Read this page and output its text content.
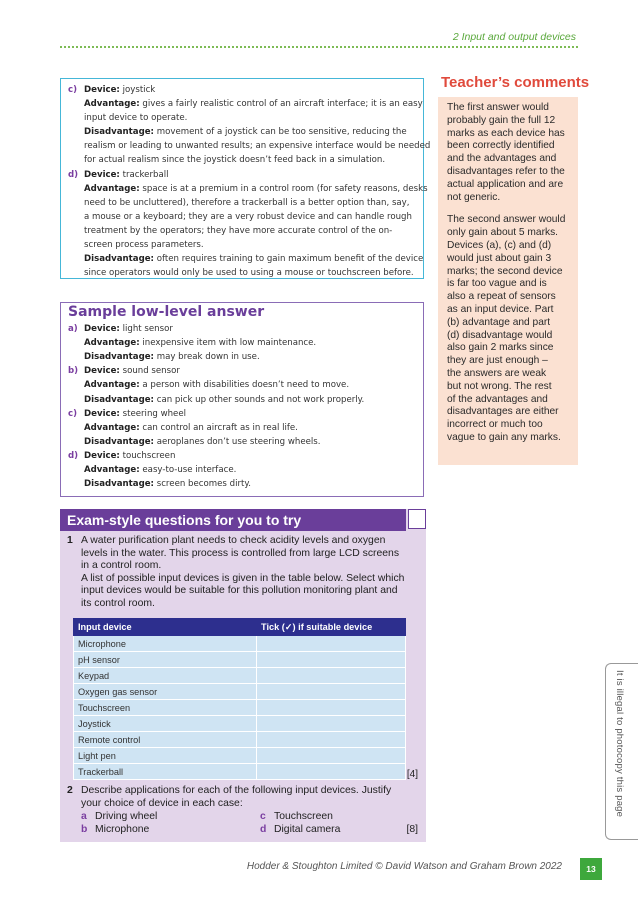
2 Input and output devices
c) Device: joystick
Advantage: gives a fairly realistic control of an aircraft interface; it is an easy
input device to operate.
Disadvantage: movement of a joystick can be too sensitive, reducing the
realism or leading to unwanted results; an expensive interface would be needed
for actual realism since the joystick doesn’t feed back in a simulation.
d) Device: trackerball
Advantage: space is at a premium in a control room (for safety reasons, desks
need to be uncluttered), therefore a trackerball is a better option than, say,
a mouse or a keyboard; they are a very robust device and can handle rough
treatment by the operators; they have more accurate control of the on-
screen process parameters.
Disadvantage: often requires training to gain maximum benefit of the device
since operators would only be used to using a mouse or touchscreen before.
Sample low-level answer
a) Device: light sensor
Advantage: inexpensive item with low maintenance.
Disadvantage: may break down in use.
b) Device: sound sensor
Advantage: a person with disabilities doesn’t need to move.
Disadvantage: can pick up other sounds and not work properly.
c) Device: steering wheel
Advantage: can control an aircraft as in real life.
Disadvantage: aeroplanes don’t use steering wheels.
d) Device: touchscreen
Advantage: easy-to-use interface.
Disadvantage: screen becomes dirty.
Teacher’s comments

The first answer would
probably gain the full 12
marks as each device has
been correctly identified
and the advantages and
disadvantages refer to the
actual application and are
not generic.

The second answer would
only gain about 5 marks.
Devices (a), (c) and (d)
would just about gain 3
marks; the second device
is far too vague and is
also a repeat of sensors
as an input device. Part
(b) advantage and part
(d) disadvantage would
also gain 2 marks since
they are just enough –
the answers are weak
but not wrong. The rest
of the advantages and
disadvantages are either
incorrect or much too
vague to gain any marks.

Exam-style questions for you to try
1 A water purification plant needs to check acidity levels and oxygen
levels in the water. This process is controlled from large LCD screens
in a control room.
A list of possible input devices is given in the table below. Select which
input devices would be suitable for this pollution monitoring plant and
its control room.
Input device	Tick (✓) if suitable device
Microphone	
pH sensor	
Keypad	
Oxygen gas sensor	
Touchscreen	
Joystick	
Remote control	
Light pen	
Trackerball		[4]
2 Describe applications for each of the following input devices. Justify
your choice of device in each case:
a Driving wheel	c Touchscreen
b Microphone	d Digital camera	[8]
It is illegal to photocopy this page
Hodder & Stoughton Limited © David Watson and Graham Brown 2022	13
